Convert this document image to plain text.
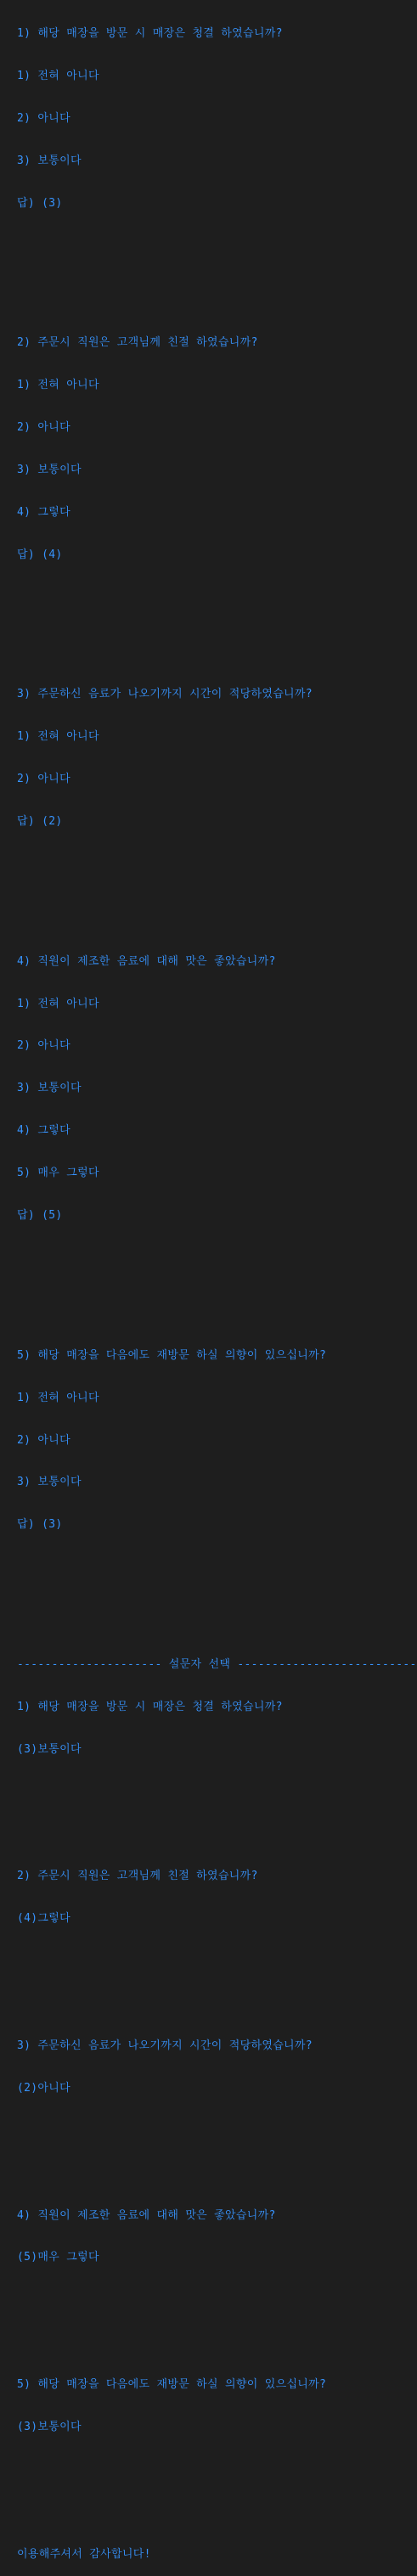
1) 해당 매장을 방문 시 매장은 청결 하였습니까?

1) 전혀 아니다

2) 아니다

3) 보통이다

답) (3)

2) 주문시 직원은 고객님께 친절 하였습니까?

1) 전혀 아니다

2) 아니다

3) 보통이다

4) 그렇다

답) (4)

3) 주문하신 음료가 나오기까지 시간이 적당하였습니까?

1) 전혀 아니다

2) 아니다

답) (2)

4) 직원이 제조한 음료에 대해 맛은 좋았습니까?

1) 전혀 아니다

2) 아니다

3) 보통이다

4) 그렇다

5) 매우 그렇다

답) (5)

5) 해당 매장을 다음에도 재방문 하실 의향이 있으십니까?

1) 전혀 아니다

2) 아니다

3) 보통이다

답) (3)

--------------------- 설문자 선택 --------------------------

1) 해당 매장을 방문 시 매장은 청결 하였습니까?

(3)보통이다

2) 주문시 직원은 고객님께 친절 하였습니까?

(4)그렇다

3) 주문하신 음료가 나오기까지 시간이 적당하였습니까?

(2)아니다

4) 직원이 제조한 음료에 대해 맛은 좋았습니까?

(5)매우 그렇다

5) 해당 매장을 다음에도 재방문 하실 의향이 있으십니까?

(3)보통이다

이용해주셔서 감사합니다!
